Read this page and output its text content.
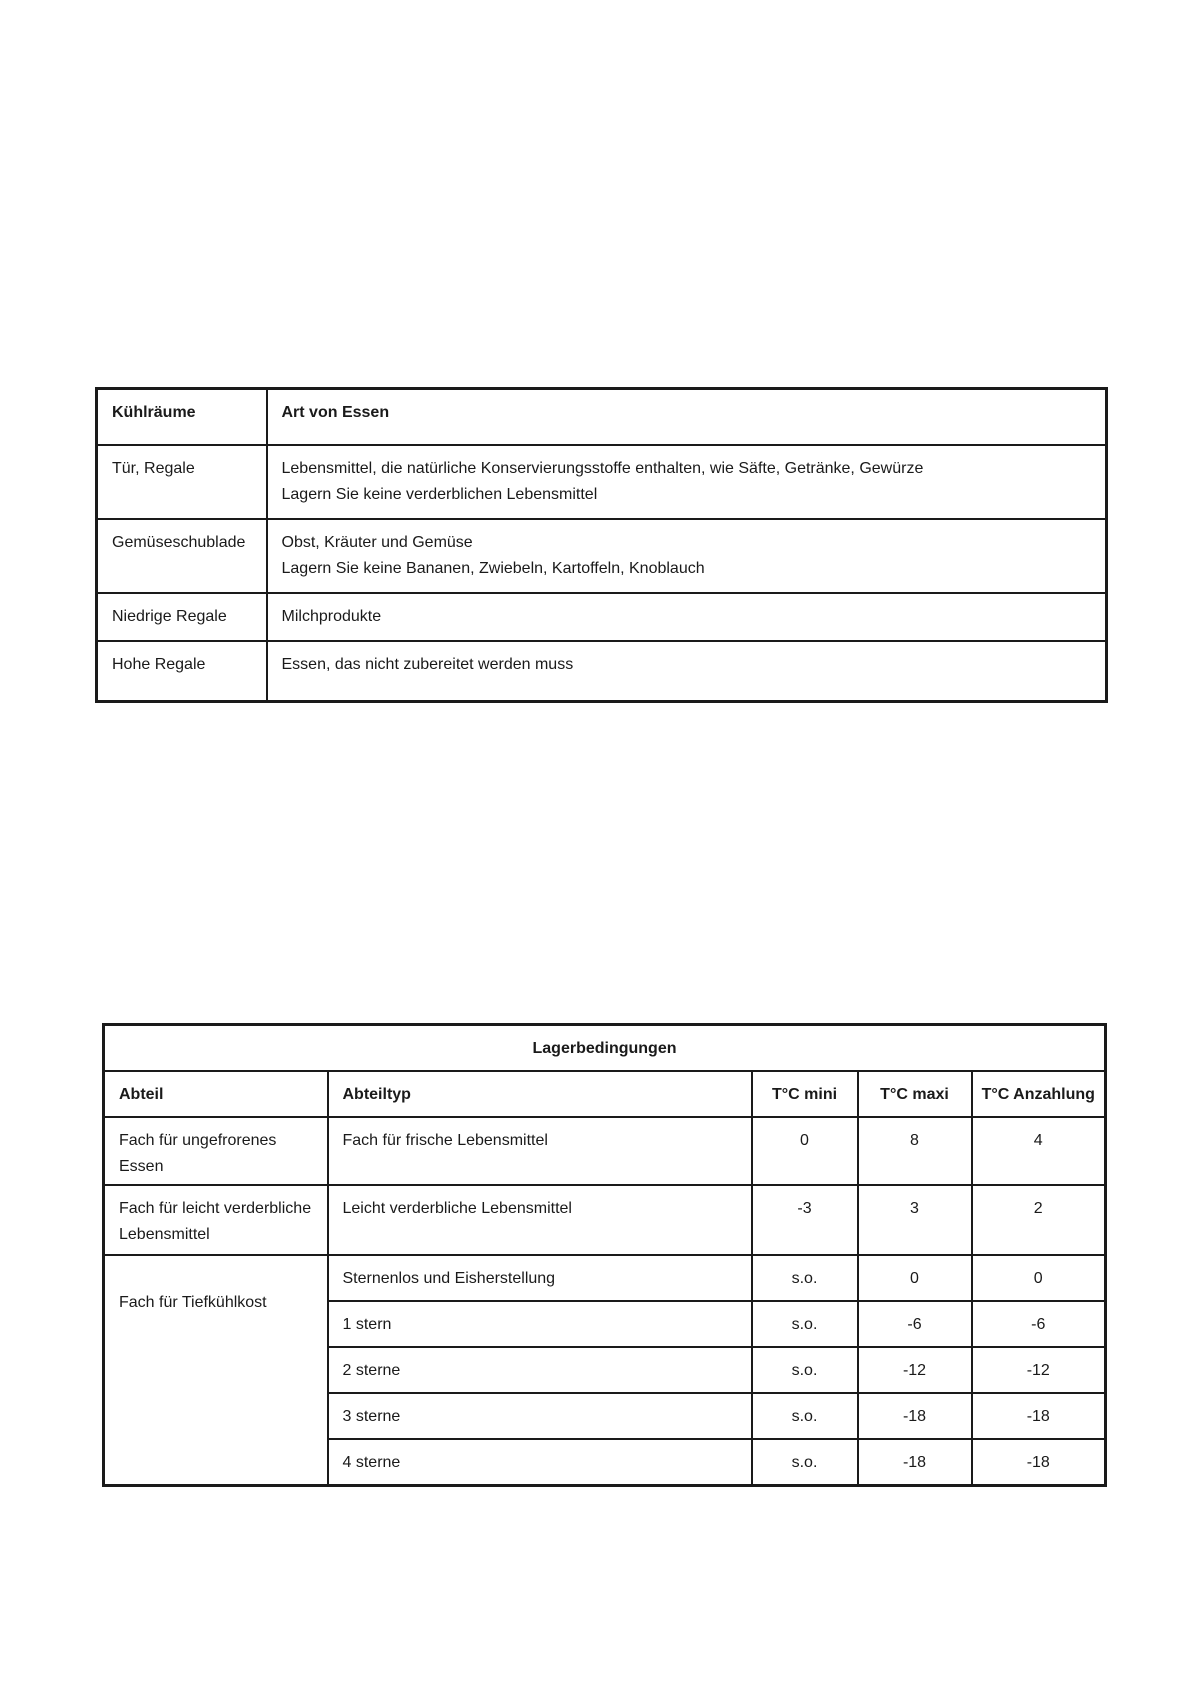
Kühlräume	Art von Essen
Tür, Regale	Lebensmittel, die natürliche Konservierungsstoffe enthalten, wie Säfte, Getränke, Gewürze
Lagern Sie keine verderblichen Lebensmittel

Gemüseschublade	Obst, Kräuter und Gemüse
Lagern Sie keine Bananen, Zwiebeln, Kartoffeln, Knoblauch

Niedrige Regale	Milchprodukte
Hohe Regale	Essen, das nicht zubereitet werden muss
Lagerbedingungen				
Abteil	Abteiltyp	T°C mini	T°C maxi	T°C Anzahlung
Fach für ungefrorenes Essen	Fach für frische Lebensmittel	0	8	4

Fach für leicht verderbliche
Lebensmittel	Leicht verderbliche Lebensmittel	-3	3	2
Fach für Tiefkühlkost	Sternenlos und Eisherstellung	s.o.	0	0
	1 stern	s.o.	-6	-6
	2 sterne	s.o.	-12	-12
	3 sterne	s.o.	-18	-18
	4 sterne	s.o.	-18	-18
